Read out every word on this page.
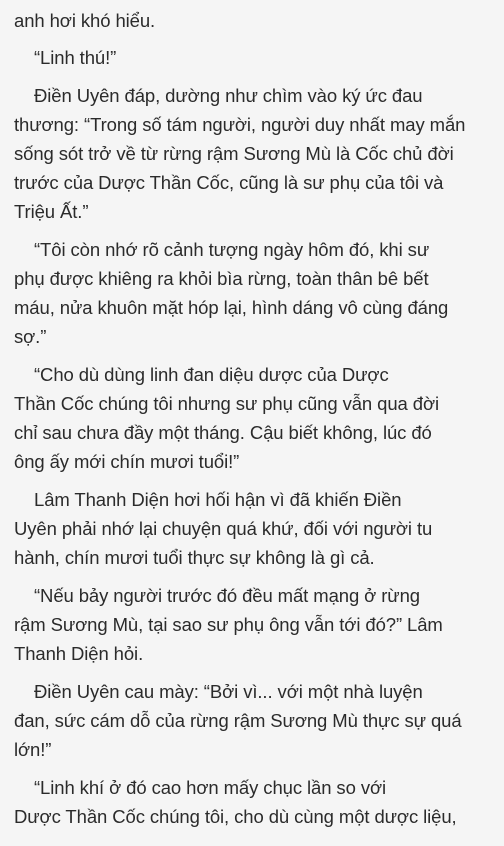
anh hơi khó hiểu.

“Linh thú!”

Điền Uyên đáp, dường như chìm vào ký ức đau
thương: “Trong số tám người, người duy nhất may mắn
sống sót trở về từ rừng rậm Sương Mù là Cốc chủ đời
trước của Dược Thần Cốc, cũng là sư phụ của tôi và
Triệu Ất.”

“Tôi còn nhớ rõ cảnh tượng ngày hôm đó, khi sư
phụ được khiêng ra khỏi bìa rừng, toàn thân bê bết
máu, nửa khuôn mặt hóp lại, hình dáng vô cùng đáng
sợ.”

“Cho dù dùng linh đan diệu dược của Dược
Thần Cốc chúng tôi nhưng sư phụ cũng vẫn qua đời
chỉ sau chưa đầy một tháng. Cậu biết không, lúc đó
ông ấy mới chín mươi tuổi!”

Lâm Thanh Diện hơi hối hận vì đã khiến Điền
Uyên phải nhớ lại chuyện quá khứ, đối với người tu
hành, chín mươi tuổi thực sự không là gì cả.

“Nếu bảy người trước đó đều mất mạng ở rừng
rậm Sương Mù, tại sao sư phụ ông vẫn tới đó?” Lâm
Thanh Diện hỏi.

Điền Uyên cau mày: “Bởi vì... với một nhà luyện
đan, sức cám dỗ của rừng rậm Sương Mù thực sự quá
lớn!”

“Linh khí ở đó cao hơn mấy chục lần so với
Dược Thần Cốc chúng tôi, cho dù cùng một dược liệu,
